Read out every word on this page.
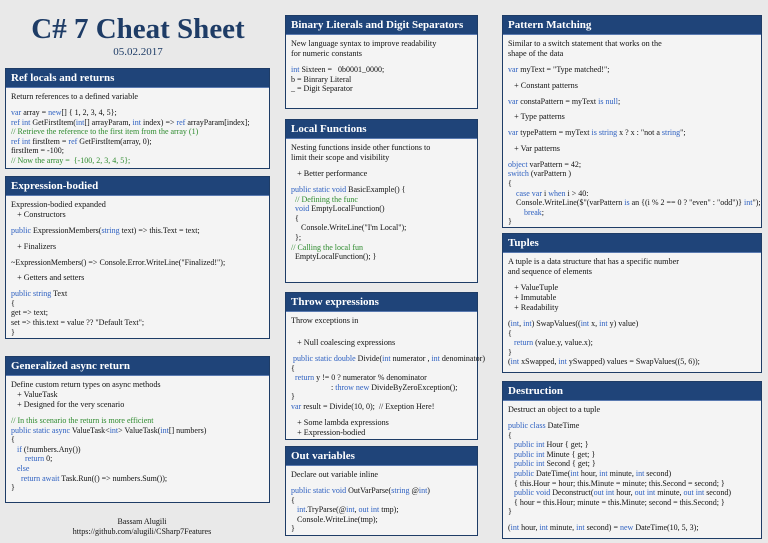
C# 7 Cheat Sheet
05.02.2017
Ref locals and returns
Return references to a defined variable
var array = new[] { 1, 2, 3, 4, 5};
ref int GetFirstItem(int[] arrayParam, int index) => ref arrayParam[index];
// Retrieve the reference to the first item from the array (1)
ref int firstItem = ref GetFirstItem(array, 0);
firstItem = -100;
// Now the array =  {-100, 2, 3, 4, 5};
Expression-bodied
Expression-bodied expanded
+ Constructors
public ExpressionMembers(string text) => this.Text = text;
+ Finalizers
~ExpressionMembers() => Console.Error.WriteLine("Finalized!");
+ Getters and setters
public string Text
{
get => text;
set => this.text = value ?? "Default Text";
}
Generalized async return
Define custom return types on async methods
+ ValueTask
+ Designed for the very scenario
// In this scenario the return is more efficient
public static async ValueTask<int> ValueTask(int[] numbers)
{
if (!numbers.Any())
return 0;
else
return await Task.Run(() => numbers.Sum());
}
Bassam Alugili
https://github.com/alugili/CSharp7Features
Binary Literals and Digit Separators
New language syntax to improve readability
for numeric constants
int Sixteen =   0b0001_0000;
b = Binrary Literal
_ = Digit Separator
Local Functions
Nesting functions inside other functions to
limit their scope and visibility
+ Better performance
public static void BasicExample() {
// Defining the func
void EmptyLocalFunction()
{
Console.WriteLine("I'm Local");
};
// Calling the local fun
EmptyLocalFunction(); }
Throw expressions
Throw exceptions in
+ Null coalescing expressions
public static double Divide(int numerator , int denominator)
{
return y != 0 ? numerator % denominator
: throw new DivideByZeroException();
}
var result = Divide(10, 0);  // Exeption Here!
+ Some lambda expressions
+ Expression-bodied
Out variables
Declare out variable inline
public static void OutVarParse(string @int)
{
int.TryParse(@int, out int tmp);
Console.WriteLine(tmp);
}
Pattern Matching
Similar to a switch statement that works on the
shape of the data
var myText = "Type matched!";
+ Constant patterns
var constaPattern = myText is null;
+ Type patterns
var typePattern = myText is string x ? x : "not a string";
+ Var patterns
object varPattern = 42;
switch (varPattern )
{
case var i when i > 40:
Console.WriteLine($"(varPattern is an {(i % 2 == 0 ? "even" : "odd")} int");
break;
}
Tuples
A tuple is a data structure that has a specific number
and sequence of elements
+ ValueTuple
+ Immutable
+ Readability
(int, int) SwapValues((int x, int y) value)
{
return (value.y, value.x);
}
(int xSwapped, int ySwapped) values = SwapValues((5, 6));
Destruction
Destruct an object to a tuple
public class DateTime
{
public int Hour { get; }
public int Minute { get; }
public int Second { get; }
public DateTime(int hour, int minute, int second)
{ this.Hour = hour; this.Minute = minute; this.Second = second; }
public void Deconstruct(out int hour, out int minute, out int second)
{ hour = this.Hour; minute = this.Minute; second = this.Second; }
}
(int hour, int minute, int second) = new DateTime(10, 5, 3);
